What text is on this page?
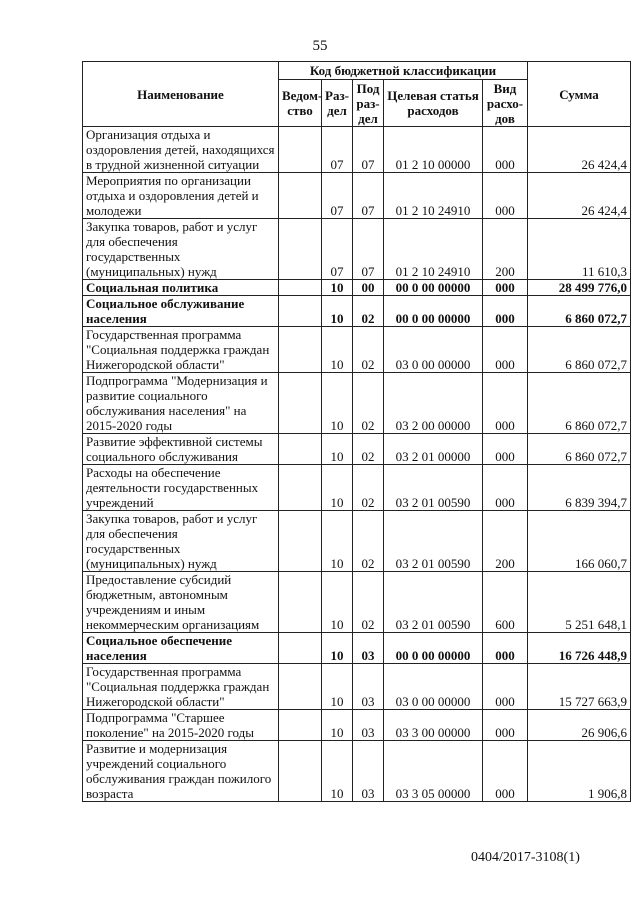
55
Наименование	Код бюджетной классификации					Сумма
	Ведом-ство	Раз-дел	Под раз-дел	Целевая статья расходов	Вид расхо-дов	
Организация отдыха и оздоровления детей, находящихся в трудной жизненной ситуации		07	07	01 2 10 00000	000	26 424,4
Мероприятия по организации отдыха и оздоровления детей и молодежи		07	07	01 2 10 24910	000	26 424,4
Закупка товаров, работ и услуг для обеспечения государственных (муниципальных) нужд		07	07	01 2 10 24910	200	11 610,3
Социальная политика		10	00	00 0 00 00000	000	28 499 776,0
Социальное обслуживание населения		10	02	00 0 00 00000	000	6 860 072,7
Государственная программа "Социальная поддержка граждан Нижегородской области"		10	02	03 0 00 00000	000	6 860 072,7
Подпрограмма "Модернизация и развитие социального обслуживания населения" на 2015-2020 годы		10	02	03 2 00 00000	000	6 860 072,7
Развитие эффективной системы социального обслуживания		10	02	03 2 01 00000	000	6 860 072,7
Расходы на обеспечение деятельности государственных учреждений		10	02	03 2 01 00590	000	6 839 394,7
Закупка товаров, работ и услуг для обеспечения государственных (муниципальных) нужд		10	02	03 2 01 00590	200	166 060,7
Предоставление субсидий бюджетным, автономным учреждениям и иным некоммерческим организациям		10	02	03 2 01 00590	600	5 251 648,1
Социальное обеспечение населения		10	03	00 0 00 00000	000	16 726 448,9
Государственная программа "Социальная поддержка граждан Нижегородской области"		10	03	03 0 00 00000	000	15 727 663,9
Подпрограмма "Старшее поколение" на 2015-2020 годы		10	03	03 3 00 00000	000	26 906,6
Развитие и модернизация учреждений социального обслуживания граждан пожилого возраста		10	03	03 3 05 00000	000	1 906,8
0404/2017-3108(1)
